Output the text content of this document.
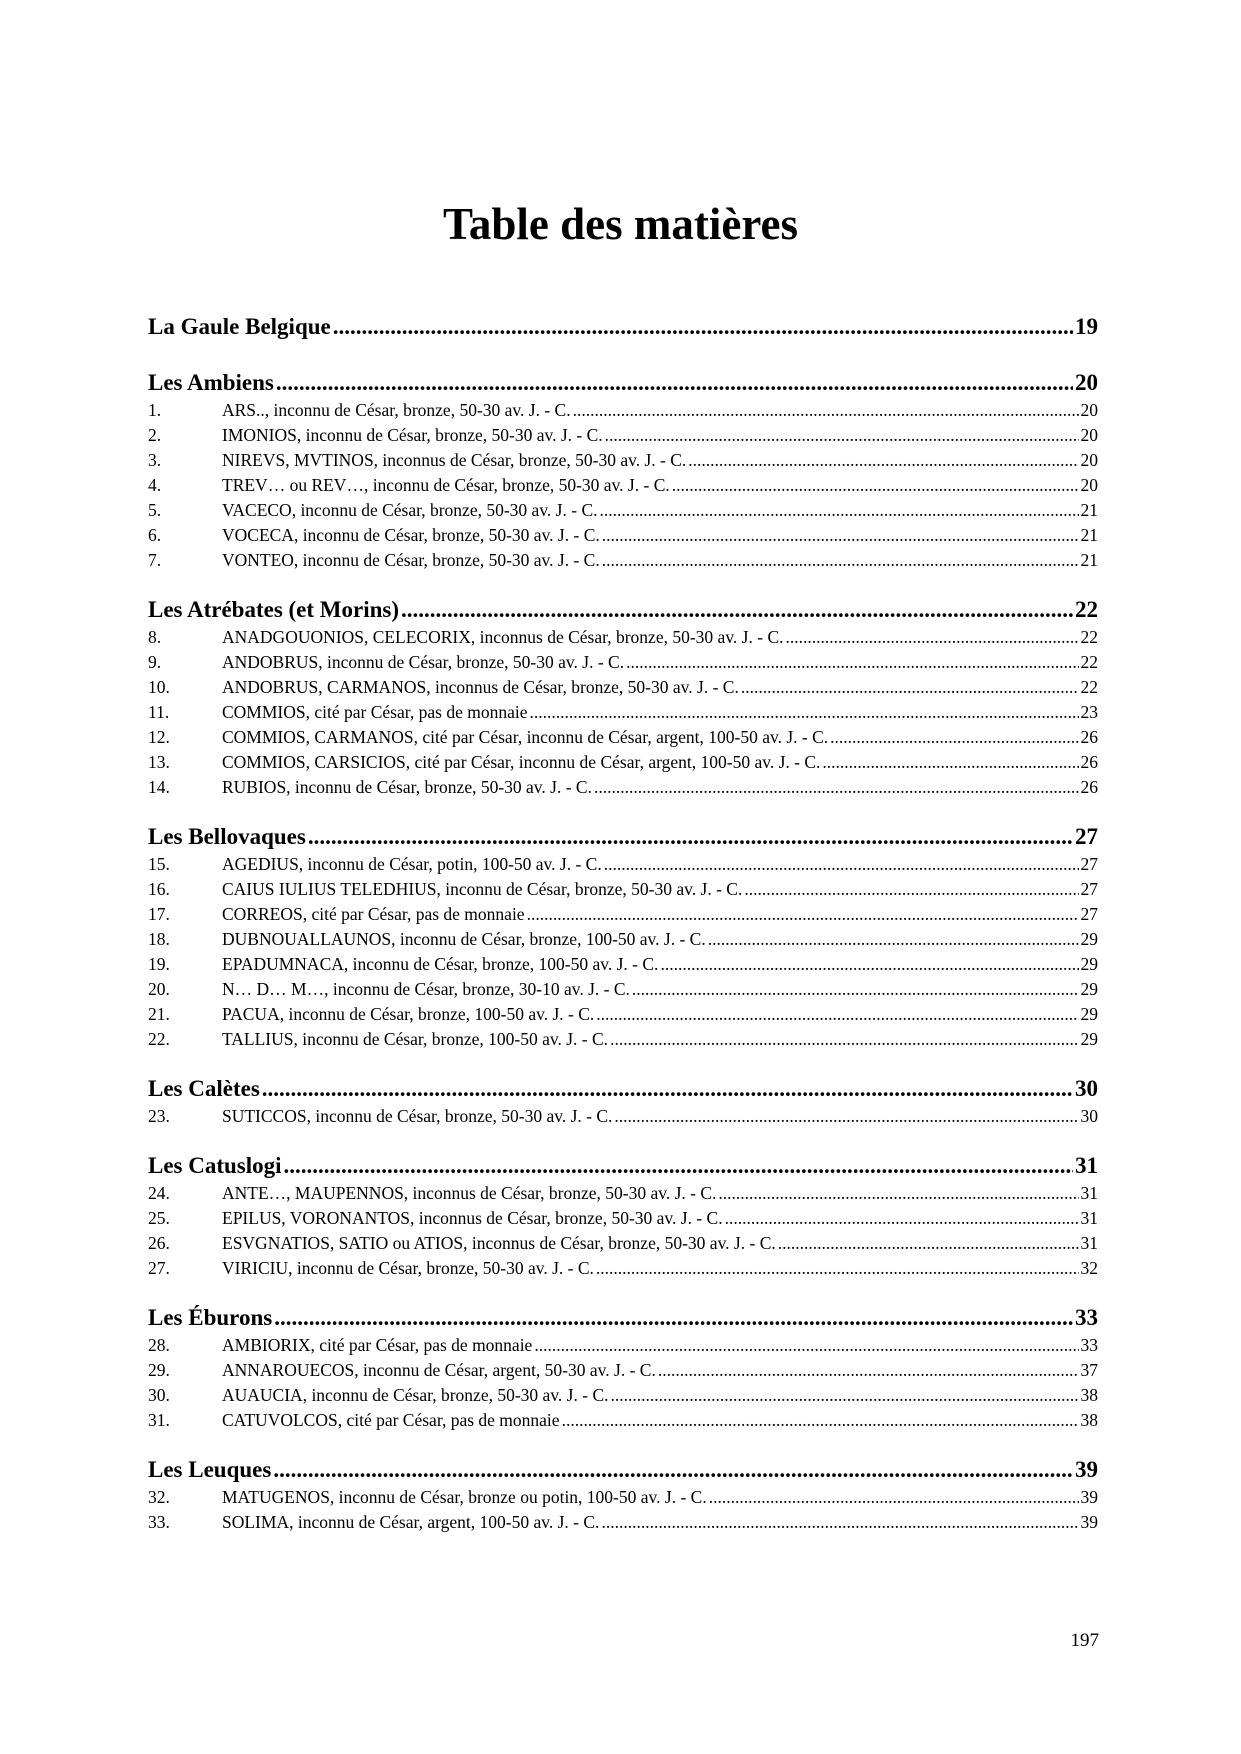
Table des matières
La Gaule Belgique .....	19
Les Ambiens .....	20
1.	ARS.., inconnu de César, bronze, 50-30 av. J. - C. .....	20
2.	IMONIOS, inconnu de César, bronze, 50-30 av. J. - C. .....	20
3.	NIREVS, MVTINOS, inconnus de César, bronze, 50-30 av. J. - C. .....	20
4.	TREV… ou REV…, inconnu de César, bronze, 50-30 av. J. - C. .....	20
5.	VACECO, inconnu de César, bronze, 50-30 av. J. - C. .....	21
6.	VOCECA, inconnu de César, bronze, 50-30 av. J. - C. .....	21
7.	VONTEO, inconnu de César, bronze, 50-30 av. J. - C. .....	21
Les Atrébates (et Morins) .....	22
8.	ANADGOUONIOS, CELECORIX, inconnus de César, bronze, 50-30 av. J. - C. .....	22
9.	ANDOBRUS, inconnu de César, bronze, 50-30 av. J. - C. .....	22
10.	ANDOBRUS, CARMANOS, inconnus de César, bronze, 50-30 av. J. - C. .....	22
11.	COMMIOS, cité par César, pas de monnaie .....	23
12.	COMMIOS, CARMANOS, cité par César, inconnu de César, argent, 100-50 av. J. - C. .....	26
13.	COMMIOS, CARSICIOS, cité par César, inconnu de César, argent, 100-50 av. J. - C. .....	26
14.	RUBIOS, inconnu de César, bronze, 50-30 av. J. - C. .....	26
Les Bellovaques .....	27
15.	AGEDIUS, inconnu de César, potin, 100-50 av. J. - C. .....	27
16.	CAIUS IULIUS TELEDHIUS, inconnu de César, bronze, 50-30 av. J. - C. .....	27
17.	CORREOS, cité par César, pas de monnaie .....	27
18.	DUBNOUALLAUNOS, inconnu de César, bronze, 100-50 av. J. - C. .....	29
19.	EPADUMNACA, inconnu de César, bronze, 100-50 av. J. - C. .....	29
20.	N… D… M…, inconnu de César, bronze, 30-10 av. J. - C. .....	29
21.	PACUA, inconnu de César, bronze, 100-50 av. J. - C. .....	29
22.	TALLIUS, inconnu de César, bronze, 100-50 av. J. - C. .....	29
Les Calètes .....	30
23.	SUTICCOS, inconnu de César, bronze, 50-30 av. J. - C. .....	30
Les Catuslogi .....	31
24.	ANTE…, MAUPENNOS, inconnus de César, bronze, 50-30 av. J. - C. .....	31
25.	EPILUS, VORONANTOS, inconnus de César, bronze, 50-30 av. J. - C. .....	31
26.	ESVGNATIOS, SATIO ou ATIOS, inconnus de César, bronze, 50-30 av. J. - C. .....	31
27.	VIRICIU, inconnu de César, bronze, 50-30 av. J. - C. .....	32
Les Éburons .....	33
28.	AMBIORIX, cité par César, pas de monnaie .....	33
29.	ANNAROUECOS, inconnu de César, argent, 50-30 av. J. - C. .....	37
30.	AUAUCIA, inconnu de César, bronze, 50-30 av. J. - C. .....	38
31.	CATUVOLCOS, cité par César, pas de monnaie .....	38
Les Leuques .....	39
32.	MATUGENOS, inconnu de César, bronze ou potin, 100-50 av. J. - C. .....	39
33.	SOLIMA, inconnu de César, argent, 100-50 av. J. - C. .....	39
197
